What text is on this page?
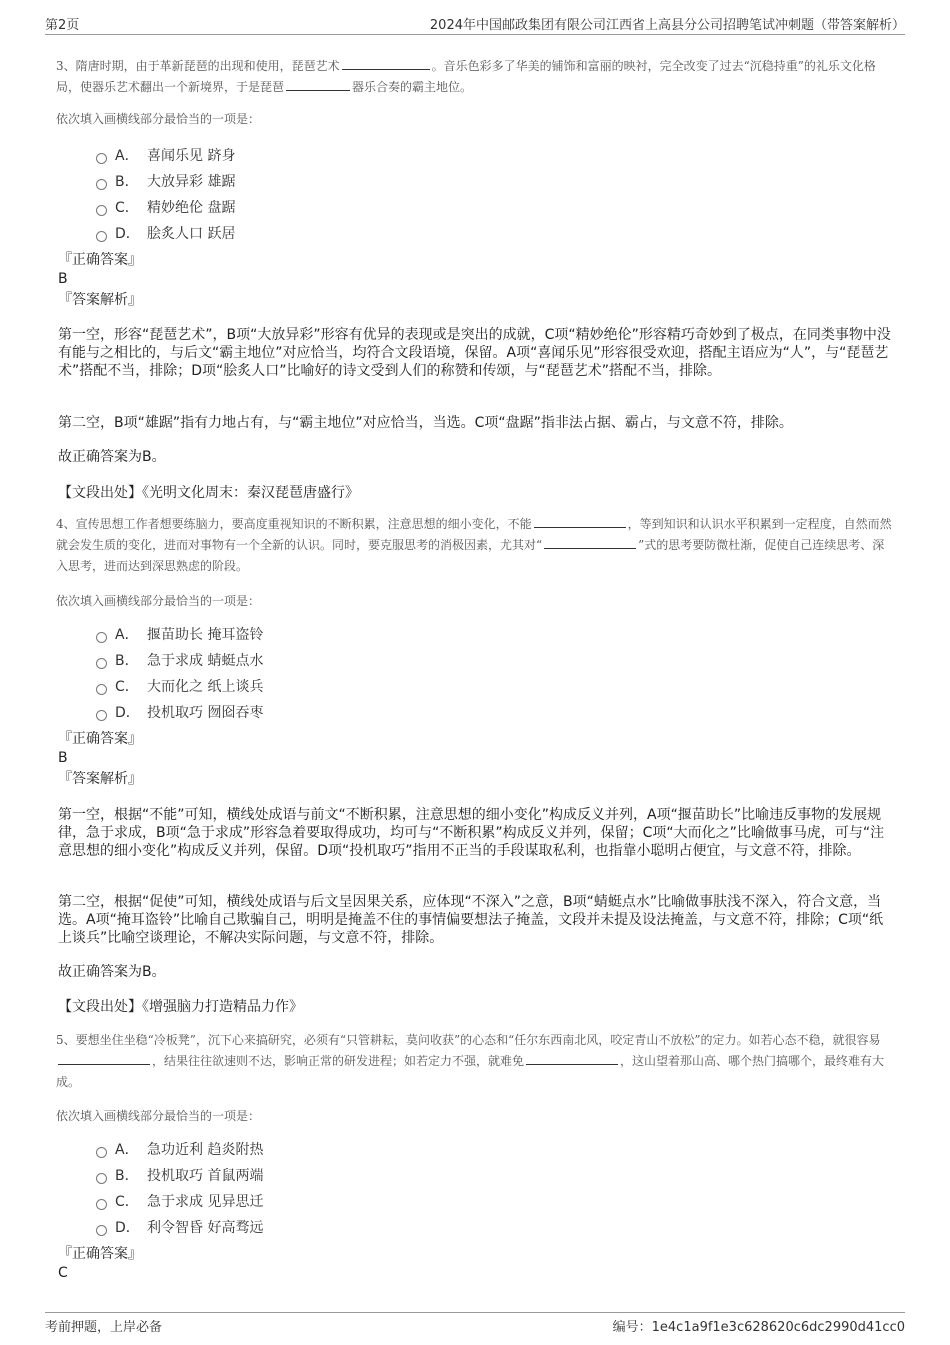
第2页	2024年中国邮政集团有限公司江西省上高县分公司招聘笔试冲刺题（带答案解析）
3、隋唐时期，由于革新琵琶的出现和使用，琵琶艺术	。音乐色彩多了华美的铺饰和富丽的映衬，完全改变了过去“沉稳持重”的礼乐文化格局，使器乐艺术翻出一个新境界，于是琵琶	器乐合奏的霸主地位。
依次填入画横线部分最恰当的一项是：
A． 喜闻乐见 跻身
B． 大放异彩 雄踞
C． 精妙绝伦 盘踞
D． 脍炙人口 跃居
『正确答案』
B
『答案解析』
第一空，形容“琵琶艺术”，B项“大放异彩”形容有优异的表现或是突出的成就，C项“精妙绝伦”形容精巧奇妙到了极点，在同类事物中没有能与之相比的，与后文“霸主地位”对应恰当，均符合文段语境，保留。A项“喜闻乐见”形容很受欢迎，搭配主语应为“人”，与“琵琶艺术”搭配不当，排除；D项“脍炙人口”比喻好的诗文受到人们的称赞和传颂，与“琵琶艺术”搭配不当，排除。
第二空，B项“雄踞”指有力地占有，与“霸主地位”对应恰当，当选。C项“盘踞”指非法占据、霸占，与文意不符，排除。
故正确答案为B。
【文段出处】《光明文化周末：秦汉琵琶唐盛行》
4、宣传思想工作者想要练脑力，要高度重视知识的不断积累，注意思想的细小变化，不能	，等到知识和认识水平积累到一定程度，自然而然就会发生质的变化，进而对事物有一个全新的认识。同时，要克服思考的消极因素，尤其对“	”式的思考要防微杜渐，促使自己连续思考、深入思考，进而达到深思熟虑的阶段。
依次填入画横线部分最恰当的一项是：
A． 揠苗助长 掩耳盗铃
B． 急于求成 蜻蜓点水
C． 大而化之 纸上谈兵
D． 投机取巧 囫囵吞枣
『正确答案』
B
『答案解析』
第一空，根据“不能”可知，横线处成语与前文“不断积累，注意思想的细小变化”构成反义并列，A项“揠苗助长”比喻违反事物的发展规律，急于求成，B项“急于求成”形容急着要取得成功，均可与“不断积累”构成反义并列，保留；C项“大而化之”比喻做事马虎，可与“注意思想的细小变化”构成反义并列，保留。D项“投机取巧”指用不正当的手段谋取私利，也指靠小聪明占便宜，与文意不符，排除。
第二空，根据“促使”可知，横线处成语与后文呈因果关系，应体现“不深入”之意，B项“蜻蜓点水”比喻做事肤浅不深入，符合文意，当选。A项“掩耳盗铃”比喻自己欺骗自己，明明是掩盖不住的事情偏要想法子掩盖，文段并未提及设法掩盖，与文意不符，排除；C项“纸上谈兵”比喻空谈理论，不解决实际问题，与文意不符，排除。
故正确答案为B。
【文段出处】《增强脑力打造精品力作》
5、要想坐住坐稳“冷板凳”，沉下心来搞研究，必须有“只管耕耘，莫问收获”的心态和“任尔东西南北风，咬定青山不放松”的定力。如若心态不稳，就很容易，结果往往欲速则不达，影响正常的研发进程；如若定力不强，就难免	，这山望着那山高、哪个热门搞哪个，最终难有大成。
依次填入画横线部分最恰当的一项是：
A． 急功近利 趋炎附热
B． 投机取巧 首鼠两端
C． 急于求成 见异思迁
D． 利令智昏 好高骛远
『正确答案』
C
考前押题，上岸必备	编号：1e4c1a9f1e3c628620c6dc2990d41cc0
